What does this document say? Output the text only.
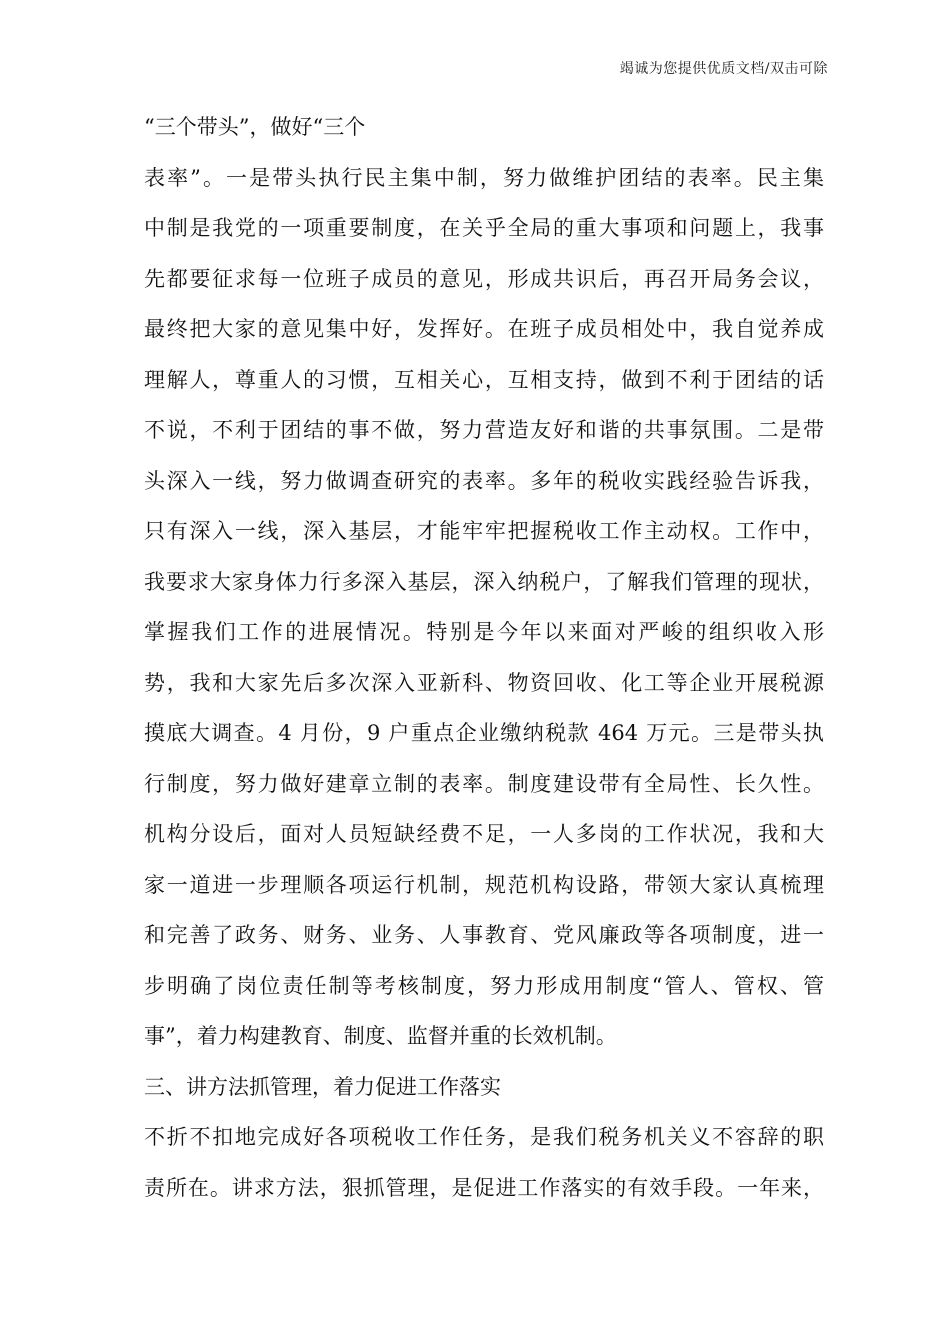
竭诚为您提供优质文档/双击可除
“三个带头”，做好“三个
表率”。一是带头执行民主集中制，努力做维护团结的表率。民主集
中制是我党的一项重要制度，在关乎全局的重大事项和问题上，我事
先都要征求每一位班子成员的意见，形成共识后，再召开局务会议，
最终把大家的意见集中好，发挥好。在班子成员相处中，我自觉养成
理解人，尊重人的习惯，互相关心，互相支持，做到不利于团结的话
不说，不利于团结的事不做，努力营造友好和谐的共事氛围。二是带
头深入一线，努力做调查研究的表率。多年的税收实践经验告诉我，
只有深入一线，深入基层，才能牢牢把握税收工作主动权。工作中，
我要求大家身体力行多深入基层，深入纳税户，了解我们管理的现状，
掌握我们工作的进展情况。特别是今年以来面对严峻的组织收入形
势，我和大家先后多次深入亚新科、物资回收、化工等企业开展税源
摸底大调查。4 月份，9 户重点企业缴纳税款 464 万元。三是带头执
行制度，努力做好建章立制的表率。制度建设带有全局性、长久性。
机构分设后，面对人员短缺经费不足，一人多岗的工作状况，我和大
家一道进一步理顺各项运行机制，规范机构设路，带领大家认真梳理
和完善了政务、财务、业务、人事教育、党风廉政等各项制度，进一
步明确了岗位责任制等考核制度，努力形成用制度“管人、管权、管
事”，着力构建教育、制度、监督并重的长效机制。
三、讲方法抓管理，着力促进工作落实
不折不扣地完成好各项税收工作任务，是我们税务机关义不容辞的职
责所在。讲求方法，狠抓管理，是促进工作落实的有效手段。一年来，
